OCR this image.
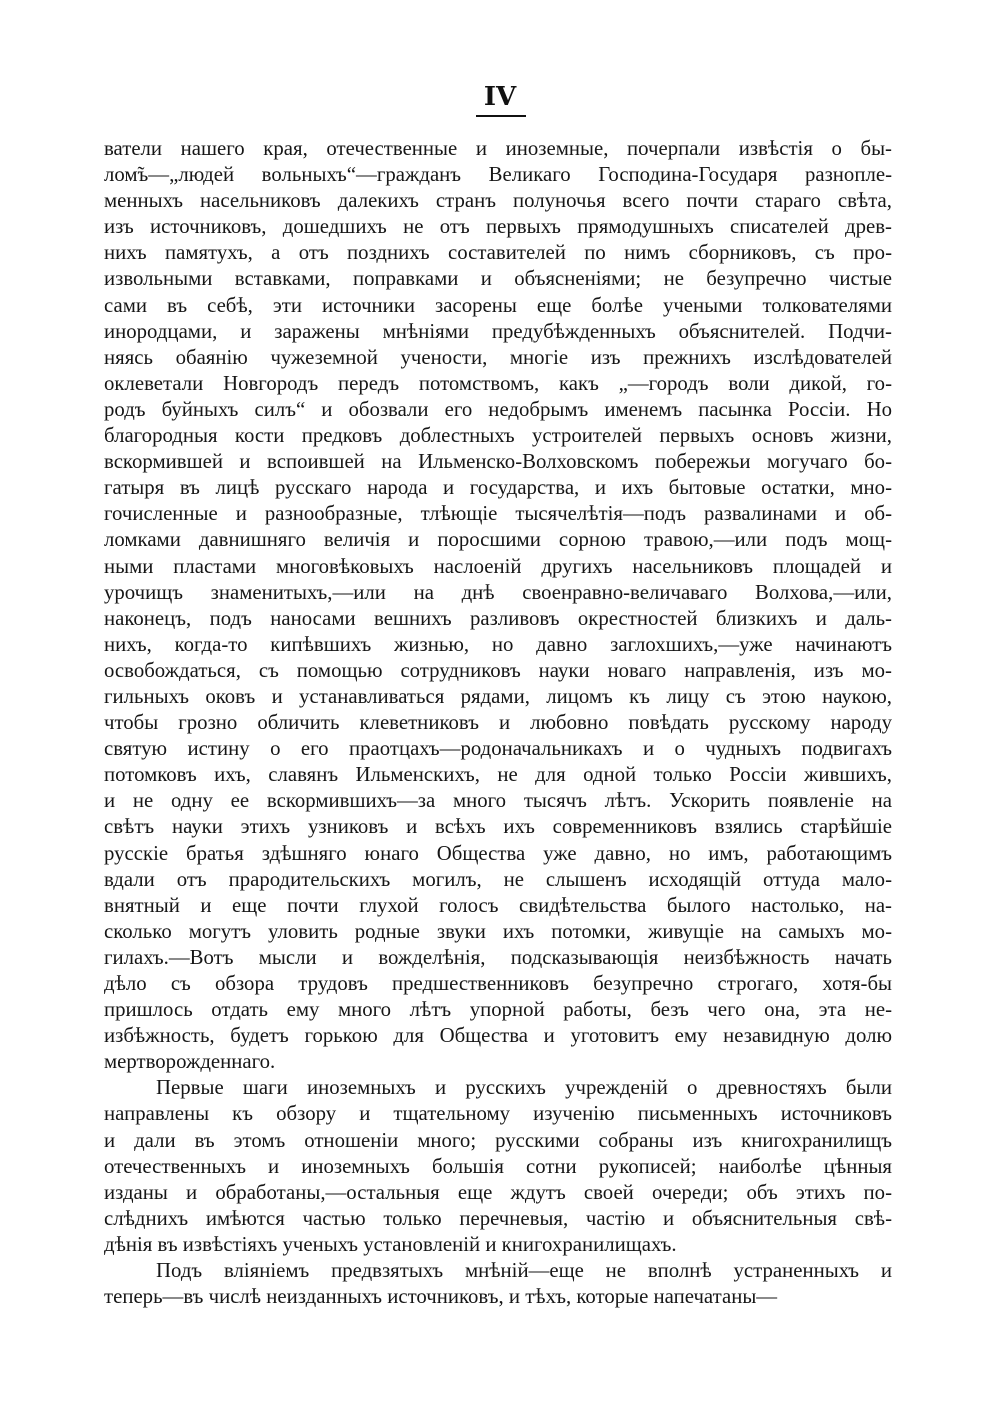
IV
ватели нашего края, отечественные и иноземные, почерпали извѣстія о бы-
лом̃ъ—„людей вольныхъ“—гражданъ Великаго Господина-Государя разнопле-
менныхъ насельниковъ далекихъ странъ полуночья всего почти стараго свѣта,
изъ источниковъ, дошедшихъ не отъ первыхъ прямодушныхъ списателей древ-
нихъ памятухъ, а отъ позднихъ составителей по нимъ сборниковъ, съ про-
извольными вставками, поправками и объясненіями; не безупречно чистые
сами въ себѣ, эти источники засорены еще болѣе учеными толкователями
инородцами, и заражены мнѣніями предубѣжденныхъ объяснителей. Подчи-
няясь обаянію чужеземной учености, многіе изъ прежнихъ изслѣдователей
оклеветали Новгородъ передъ потомствомъ, какъ „—городъ воли дикой, го-
родъ буйныхъ силъ“ и обозвали его недобрымъ именемъ пасынка Россіи. Но
благородныя кости предковъ доблестныхъ устроителей первыхъ основъ жизни,
вскормившей и вспоившей на Ильменско-Волховскомъ побережьи могучаго бо-
гатыря въ лицѣ русскаго народа и государства, и ихъ бытовые остатки, мно-
гочисленные и разнообразные, тлѣющіе тысячелѣтія—подъ развалинами и об-
ломками давнишняго величія и поросшими сорною травою,—или подъ мощ-
ными пластами многовѣковыхъ наслоеній другихъ насельниковъ площадей и
урочищъ знаменитыхъ,—или на днѣ своенравно-величаваго Волхова,—или,
наконецъ, подъ наносами вешнихъ разливовъ окрестностей близкихъ и даль-
нихъ, когда-то кипѣвшихъ жизнью, но давно заглохшихъ,—уже начинаютъ
освобождаться, съ помощью сотрудниковъ науки новаго направленія, изъ мо-
гильныхъ оковъ и устанавливаться рядами, лицомъ къ лицу съ этою наукою,
чтобы грозно обличить клеветниковъ и любовно повѣдать русскому народу
святую истину о его праотцахъ—родоначальникахъ и о чудныхъ подвигахъ
потомковъ ихъ, славянъ Ильменскихъ, не для одной только Россіи жившихъ,
и не одну ее вскормившихъ—за много тысячъ лѣтъ. Ускорить появленіе на
свѣтъ науки этихъ узниковъ и всѣхъ ихъ современниковъ взялись старѣйшіе
русскіе братья здѣшняго юнаго Общества уже давно, но имъ, работающимъ
вдали отъ прародительскихъ могилъ, не слышенъ исходящій оттуда мало-
внятный и еще почти глухой голосъ свидѣтельства былого настолько, на-
сколько могутъ уловить родные звуки ихъ потомки, живущіе на самыхъ мо-
гилахъ.—Вотъ мысли и вожделѣнія, подсказывающія неизбѣжность начать
дѣло съ обзора трудовъ предшественниковъ безупречно строгаго, хотя-бы
пришлось отдать ему много лѣтъ упорной работы, безъ чего она, эта не-
избѣжность, будетъ горькою для Общества и уготовитъ ему незавидную долю
мертворожденнаго.
Первые шаги иноземныхъ и русскихъ учрежденій о древностяхъ были
направлены къ обзору и тщательному изученію письменныхъ источниковъ
и дали въ этомъ отношеніи много; русскими собраны изъ книгохранилищъ
отечественныхъ и иноземныхъ большія сотни рукописей; наиболѣе цѣнныя
изданы и обработаны,—остальныя еще ждутъ своей очереди; объ этихъ по-
слѣднихъ имѣются частью только перечневыя, частію и объяснительныя свѣ-
дѣнія въ извѣстіяхъ ученыхъ установленій и книгохранилищахъ.
Подъ вліяніемъ предвзятыхъ мнѣній—еще не вполнѣ устраненныхъ и
теперь—въ числѣ неизданныхъ источниковъ, и тѣхъ, которые напечатаны—
